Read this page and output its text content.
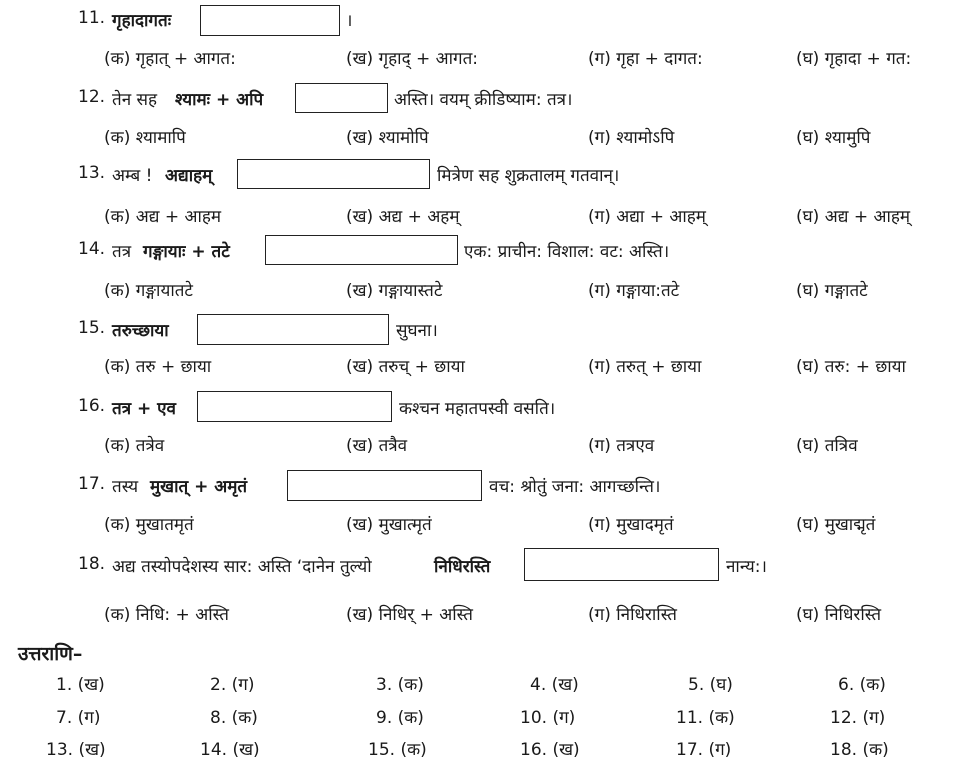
11. गृहादागतः	।
(क) गृहात् + आगत:	(ख) गृहाद् + आगत:	(ग) गृहा + दागत:	(घ) गृहादा + गत:
12. तेन सह श्यामः + अपि	अस्ति। वयम् क्रीडिष्याम: तत्र।
(क) श्यामापि	(ख) श्यामोपि	(ग) श्यामोऽपि	(घ) श्यामुपि
13. अम्ब ! अद्याहम्	मित्रेण सह शुक्रतालम् गतवान्।
(क) अद्य + आहम	(ख) अद्य + अहम्	(ग) अद्या + आहम्	(घ) अद्य + आहम्
14. तत्र गङ्गायाः + तटे	एक: प्राचीन: विशाल: वट: अस्ति।
(क) गङ्गायातटे	(ख) गङ्गायास्तटे	(ग) गङ्गाया:तटे	(घ) गङ्गातटे
15. तरुच्छाया	सुघना।
(क) तरु + छाया	(ख) तरुच् + छाया	(ग) तरुत् + छाया	(घ) तरु: + छाया
16. तत्र + एव	कश्चन महातपस्वी वसति।
(क) तत्रेव	(ख) तत्रैव	(ग) तत्रएव	(घ) तत्रिव
17. तस्य मुखात् + अमृतं	वच: श्रोतुं जना: आगच्छन्ति।
(क) मुखातमृतं	(ख) मुखात्मृतं	(ग) मुखादमृतं	(घ) मुखाद्मृतं
18. अद्य तस्योपदेशस्य सार: अस्ति ‘दानेन तुल्यो	निधिरस्ति	नान्य:।
(क) निधि: + अस्ति	(ख) निधिर् + अस्ति	(ग) निधिरास्ति	(घ) निधिरस्ति
उत्तराणि–
1. (ख)	2. (ग)	3. (क)	4. (ख)	5. (घ)	6. (क)
7. (ग)	8. (क)	9. (क)	10. (ग)	11. (क)	12. (ग)
13. (ख)	14. (ख)	15. (क)	16. (ख)	17. (ग)	18. (क)
